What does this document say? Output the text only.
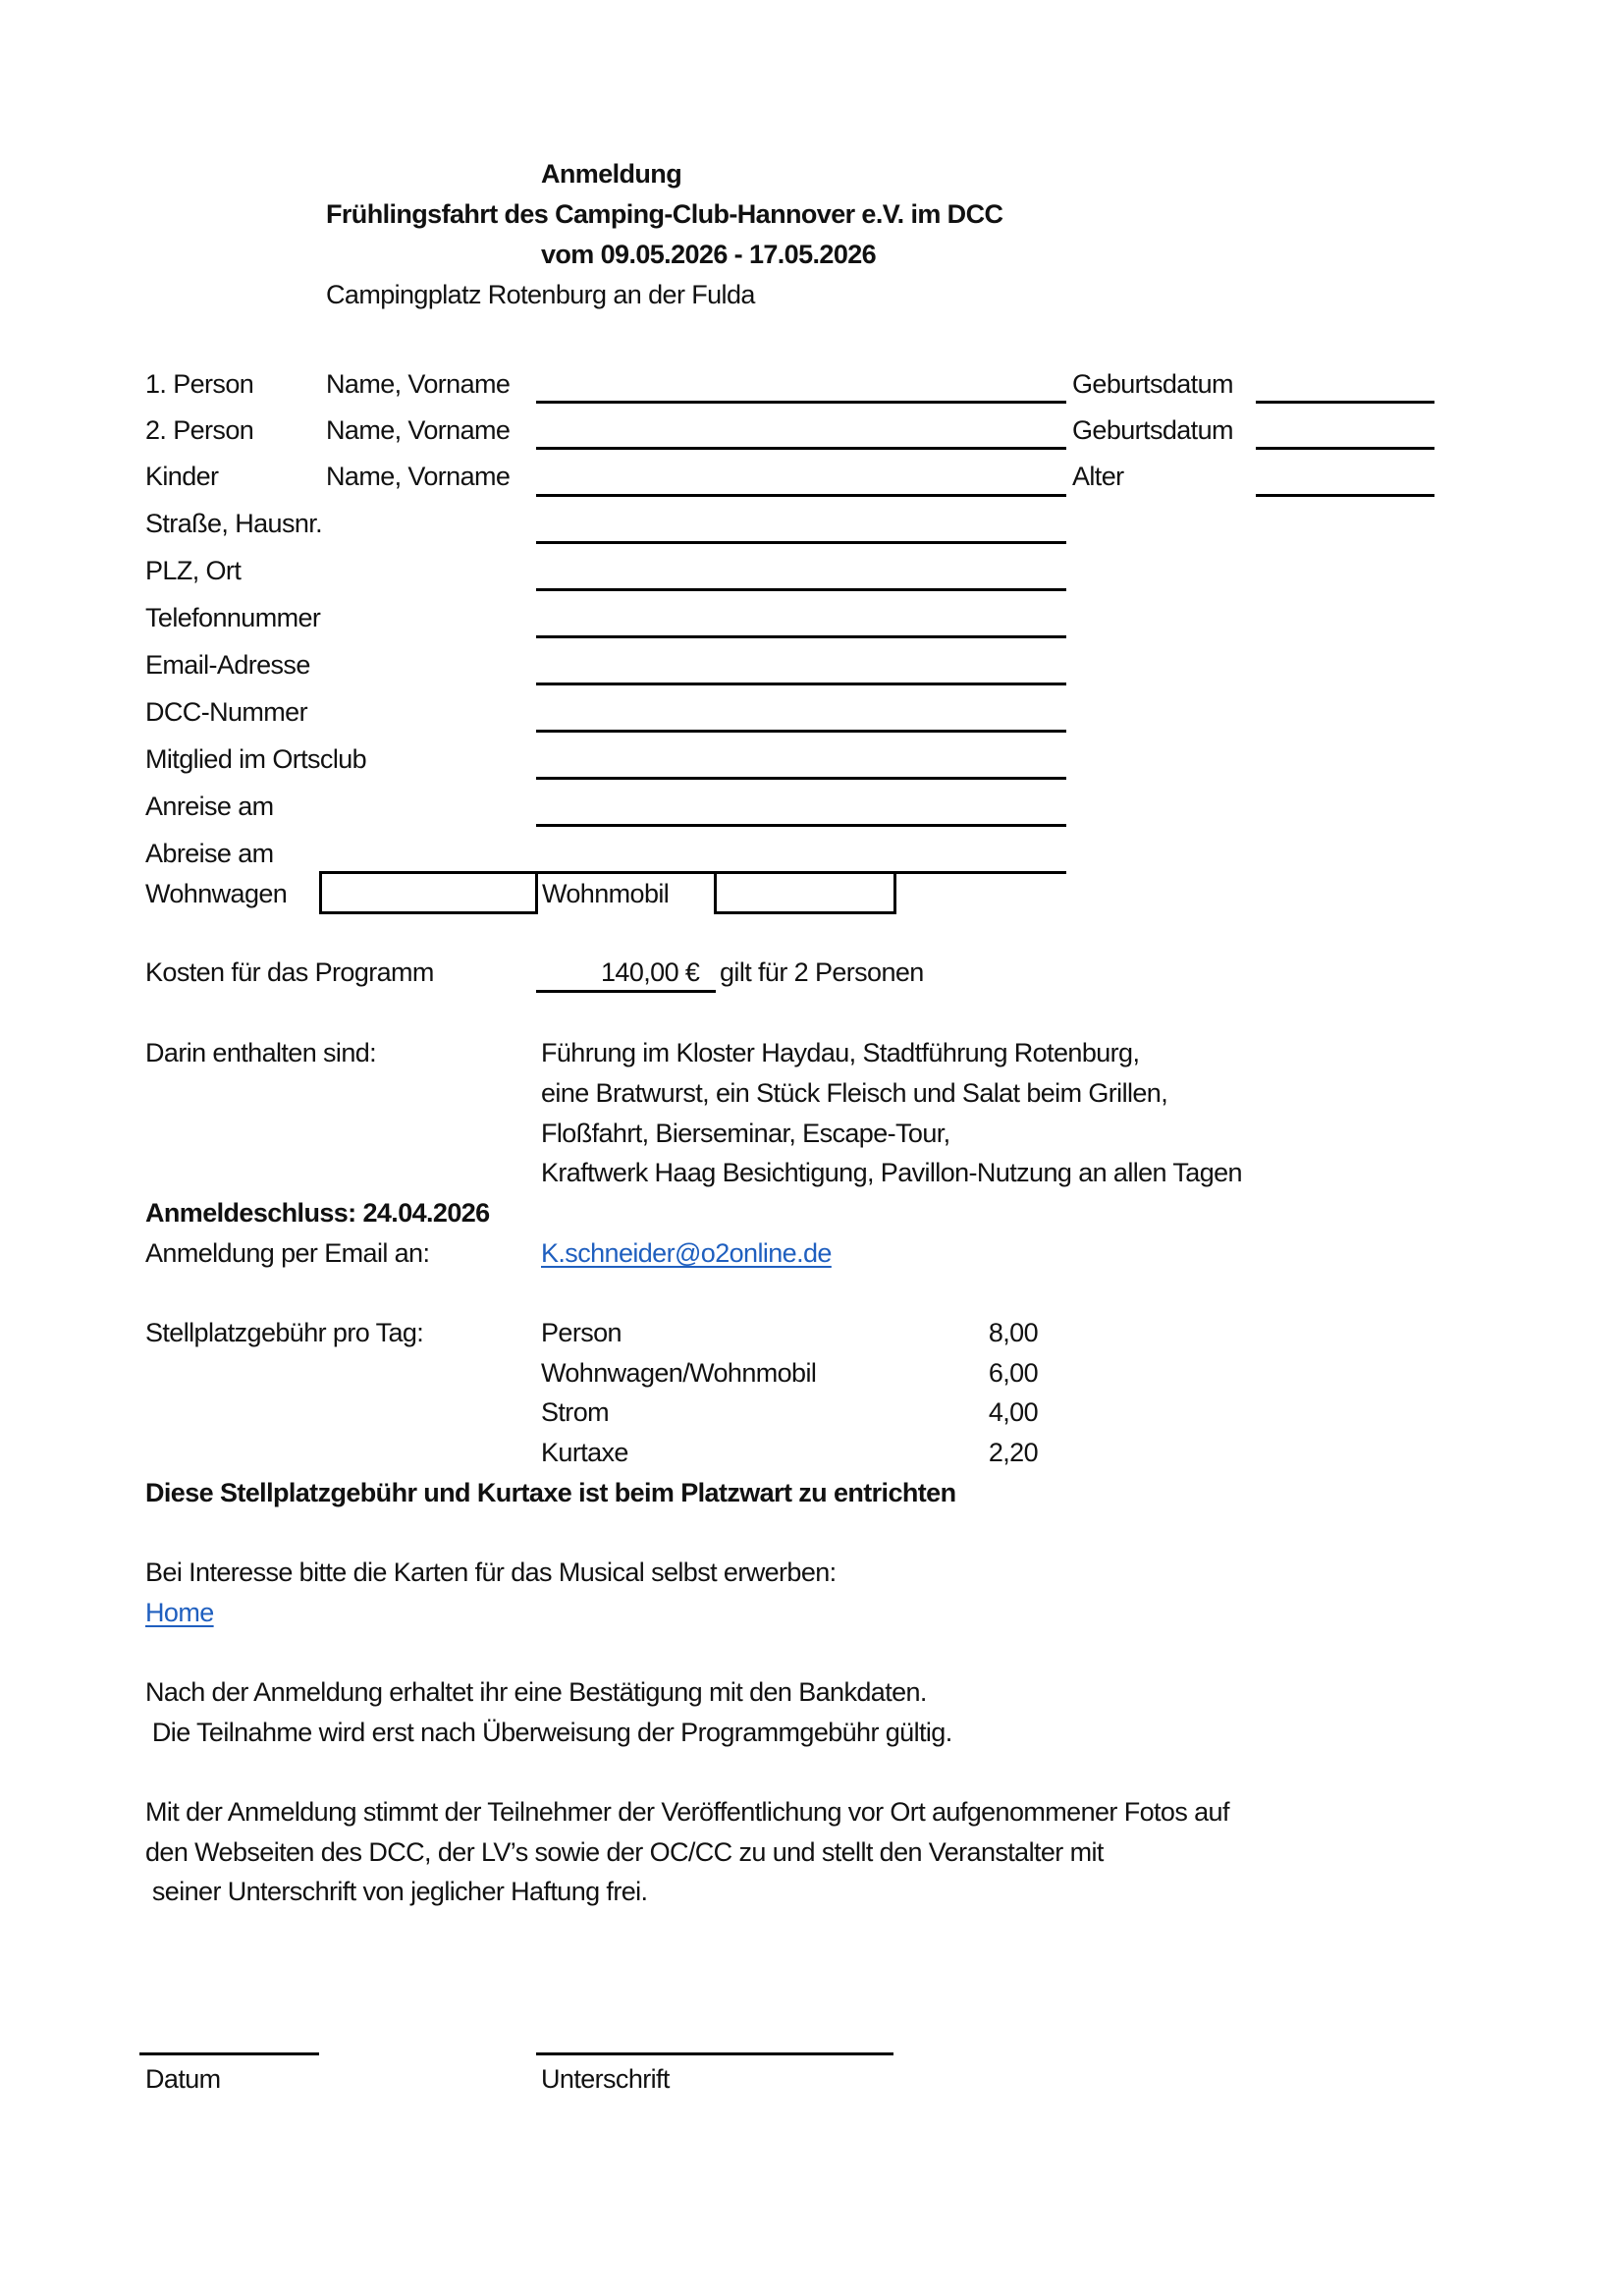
Anmeldung
Frühlingsfahrt des Camping-Club-Hannover e.V. im DCC
vom 09.05.2026 - 17.05.2026
Campingplatz Rotenburg an der Fulda
1. Person	Name, Vorname	Geburtsdatum
2. Person	Name, Vorname	Geburtsdatum
Kinder	Name, Vorname	Alter
Straße, Hausnr.
PLZ, Ort
Telefonnummer
Email-Adresse
DCC-Nummer
Mitglied im Ortsclub
Anreise am
Abreise am
Wohnwagen	Wohnmobil
Kosten für das Programm	140,00 € gilt für 2 Personen
Darin enthalten sind:	Führung im Kloster Haydau, Stadtführung Rotenburg,
eine Bratwurst, ein Stück Fleisch und Salat beim Grillen,
Floßfahrt, Bierseminar, Escape-Tour,
Kraftwerk Haag Besichtigung, Pavillon-Nutzung an allen Tagen
Anmeldeschluss: 24.04.2026
Anmeldung per Email an:	K.schneider@o2online.de
Stellplatzgebühr pro Tag:	Person	8,00
Wohnwagen/Wohnmobil	6,00
Strom	4,00
Kurtaxe	2,20
Diese Stellplatzgebühr und Kurtaxe ist beim Platzwart zu entrichten
Bei Interesse bitte die Karten für das Musical selbst erwerben:
Home
Nach der Anmeldung erhaltet ihr eine Bestätigung mit den Bankdaten.
Die Teilnahme wird erst nach Überweisung der Programmgebühr gültig.
Mit der Anmeldung stimmt der Teilnehmer der Veröffentlichung vor Ort aufgenommener Fotos auf
den Webseiten des DCC, der LV’s sowie der OC/CC zu und stellt den Veranstalter mit
seiner Unterschrift von jeglicher Haftung frei.
Datum	Unterschrift
